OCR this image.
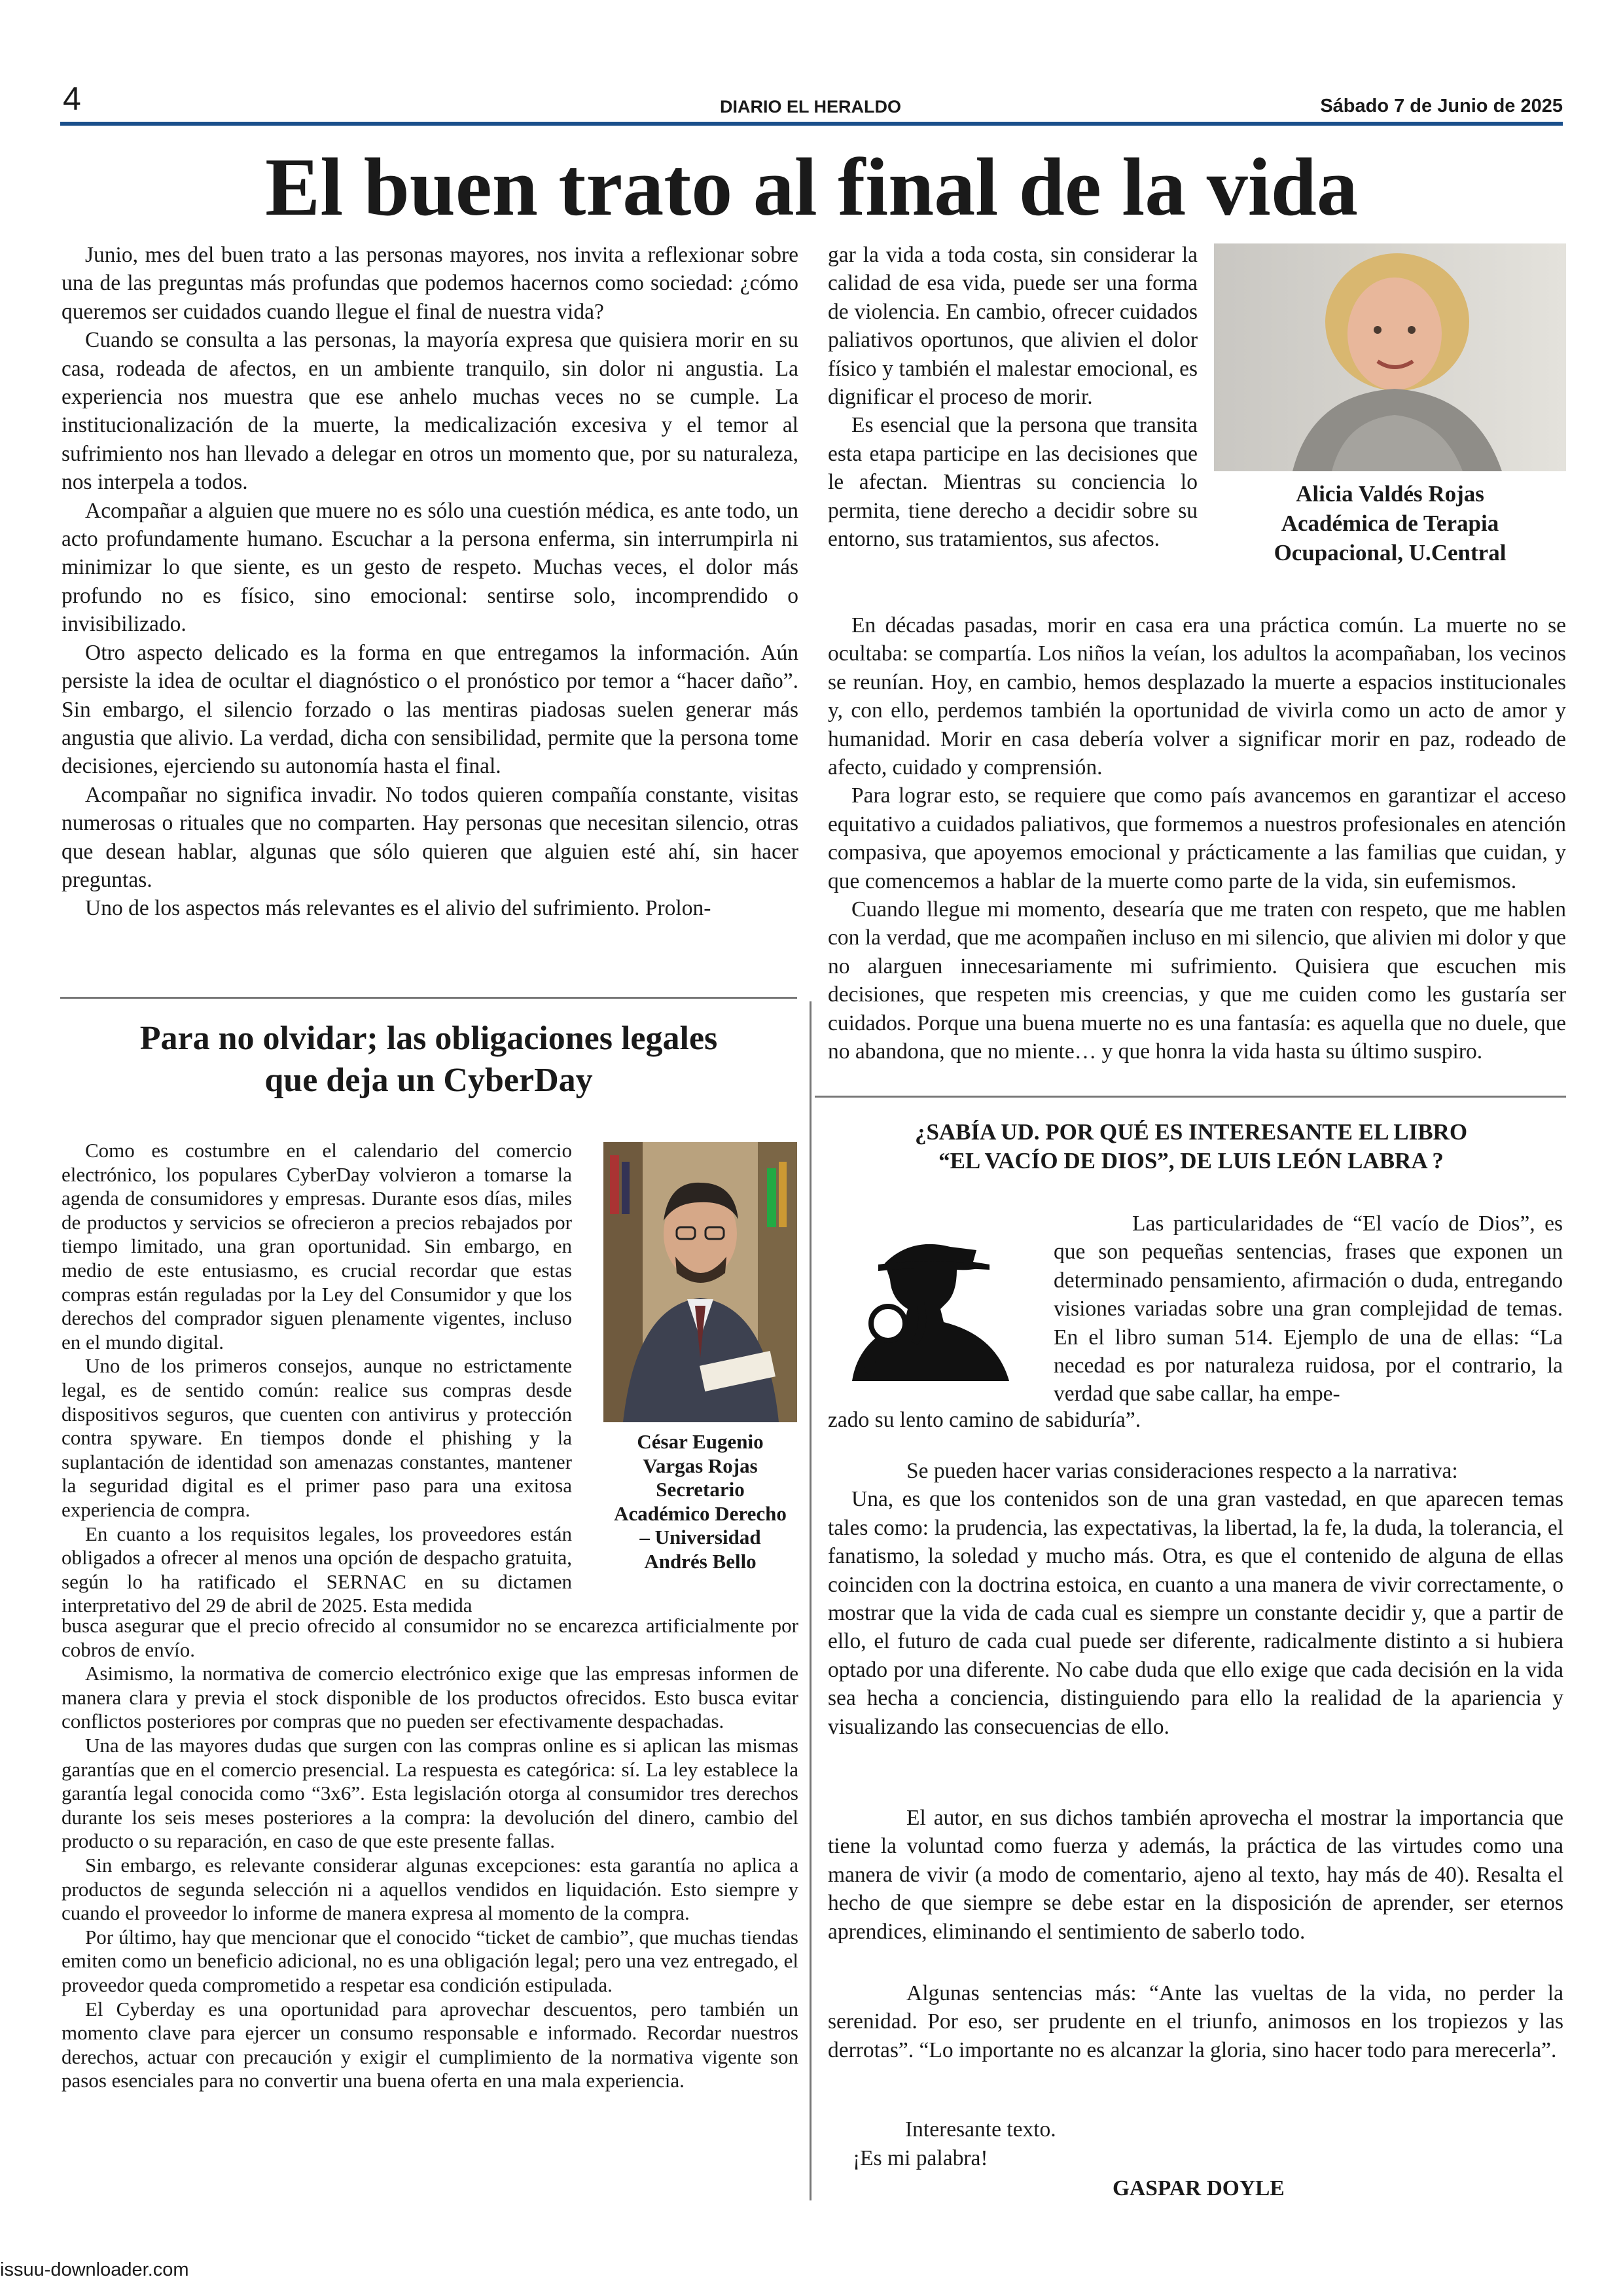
4	DIARIO EL HERALDO	Sábado 7 de Junio de 2025
El buen trato al final de la vida

Junio, mes del buen trato a las personas mayores, nos invita a reflexionar sobre una de las preguntas más profundas que podemos hacernos como sociedad: ¿cómo queremos ser cuidados cuando llegue el final de nuestra vida?

Cuando se consulta a las personas, la mayoría expresa que quisiera morir en su casa, rodeada de afectos, en un ambiente tranquilo, sin dolor ni angustia. La experiencia nos muestra que ese anhelo muchas veces no se cumple. La institucionalización de la muerte, la medicalización excesiva y el temor al sufrimiento nos han llevado a delegar en otros un momento que, por su naturaleza, nos interpela a todos.

Acompañar a alguien que muere no es sólo una cuestión médica, es ante todo, un acto profundamente humano. Escuchar a la persona enferma, sin interrumpirla ni minimizar lo que siente, es un gesto de respeto. Muchas veces, el dolor más profundo no es físico, sino emocional: sentirse solo, incomprendido o invisibilizado.

Otro aspecto delicado es la forma en que entregamos la información. Aún persiste la idea de ocultar el diagnóstico o el pronóstico por temor a “hacer daño”. Sin embargo, el silencio forzado o las mentiras piadosas suelen generar más angustia que alivio. La verdad, dicha con sensibilidad, permite que la persona tome decisiones, ejerciendo su autonomía hasta el final.

Acompañar no significa invadir. No todos quieren compañía constante, visitas numerosas o rituales que no comparten. Hay personas que necesitan silencio, otras que desean hablar, algunas que sólo quieren que alguien esté ahí, sin hacer preguntas.

Uno de los aspectos más relevantes es el alivio del sufrimiento. Prolon-

gar la vida a toda costa, sin considerar la calidad de esa vida, puede ser una forma de violencia. En cambio, ofrecer cuidados paliativos oportunos, que alivien el dolor físico y también el malestar emocional, es dignificar el proceso de morir.

Es esencial que la persona que transita esta etapa participe en las decisiones que le afectan. Mientras su conciencia lo permita, tiene derecho a decidir sobre su entorno, sus tratamientos, sus afectos.

Alicia Valdés Rojas
Académica de Terapia
Ocupacional, U.Central

En décadas pasadas, morir en casa era una práctica común. La muerte no se ocultaba: se compartía. Los niños la veían, los adultos la acompañaban, los vecinos se reunían. Hoy, en cambio, hemos desplazado la muerte a espacios institucionales y, con ello, perdemos también la oportunidad de vivirla como un acto de amor y humanidad. Morir en casa debería volver a significar morir en paz, rodeado de afecto, cuidado y comprensión.

Para lograr esto, se requiere que como país avancemos en garantizar el acceso equitativo a cuidados paliativos, que formemos a nuestros profesionales en atención compasiva, que apoyemos emocional y prácticamente a las familias que cuidan, y que comencemos a hablar de la muerte como parte de la vida, sin eufemismos.

Cuando llegue mi momento, desearía que me traten con respeto, que me hablen con la verdad, que me acompañen incluso en mi silencio, que alivien mi dolor y que no alarguen innecesariamente mi sufrimiento. Quisiera que escuchen mis decisiones, que respeten mis creencias, y que me cuiden como les gustaría ser cuidados. Porque una buena muerte no es una fantasía: es aquella que no duele, que no abandona, que no miente… y que honra la vida hasta su último suspiro.

Para no olvidar; las obligaciones legales
que deja un CyberDay

Como es costumbre en el calendario del comercio electrónico, los populares CyberDay volvieron a tomarse la agenda de consumidores y empresas. Durante esos días, miles de productos y servicios se ofrecieron a precios rebajados por tiempo limitado, una gran oportunidad. Sin embargo, en medio de este entusiasmo, es crucial recordar que estas compras están reguladas por la Ley del Consumidor y que los derechos del comprador siguen plenamente vigentes, incluso en el mundo digital.

Uno de los primeros consejos, aunque no estrictamente legal, es de sentido común: realice sus compras desde dispositivos seguros, que cuenten con antivirus y protección contra spyware. En tiempos donde el phishing y la suplantación de identidad son amenazas constantes, mantener la seguridad digital es el primer paso para una exitosa experiencia de compra.

En cuanto a los requisitos legales, los proveedores están obligados a ofrecer al menos una opción de despacho gratuita, según lo ha ratificado el SERNAC en su dictamen interpretativo del 29 de abril de 2025. Esta medida

César Eugenio
Vargas Rojas
Secretario
Académico Derecho
– Universidad
Andrés Bello

busca asegurar que el precio ofrecido al consumidor no se encarezca artificialmente por cobros de envío.

Asimismo, la normativa de comercio electrónico exige que las empresas informen de manera clara y previa el stock disponible de los productos ofrecidos. Esto busca evitar conflictos posteriores por compras que no pueden ser efectivamente despachadas.

Una de las mayores dudas que surgen con las compras online es si aplican las mismas garantías que en el comercio presencial. La respuesta es categórica: sí. La ley establece la garantía legal conocida como “3x6”. Esta legislación otorga al consumidor tres derechos durante los seis meses posteriores a la compra: la devolución del dinero, cambio del producto o su reparación, en caso de que este presente fallas.

Sin embargo, es relevante considerar algunas excepciones: esta garantía no aplica a productos de segunda selección ni a aquellos vendidos en liquidación. Esto siempre y cuando el proveedor lo informe de manera expresa al momento de la compra.

Por último, hay que mencionar que el conocido “ticket de cambio”, que muchas tiendas emiten como un beneficio adicional, no es una obligación legal; pero una vez entregado, el proveedor queda comprometido a respetar esa condición estipulada.

El Cyberday es una oportunidad para aprovechar descuentos, pero también un momento clave para ejercer un consumo responsable e informado. Recordar nuestros derechos, actuar con precaución y exigir el cumplimiento de la normativa vigente son pasos esenciales para no convertir una buena oferta en una mala experiencia.

¿SABÍA UD. POR QUÉ ES INTERESANTE EL LIBRO
“EL VACÍO DE DIOS”, DE LUIS LEÓN LABRA ?

Las particularidades de “El vacío de Dios”, es que son pequeñas sentencias, frases que exponen un determinado pensamiento, afirmación o duda, entregando visiones variadas sobre una gran complejidad de temas. En el libro suman 514. Ejemplo de una de ellas: “La necedad es por naturaleza ruidosa, por el contrario, la verdad que sabe callar, ha empe-

zado su lento camino de sabiduría”.

Se pueden hacer varias consideraciones respecto a la narrativa:

Una, es que los contenidos son de una gran vastedad, en que aparecen temas tales como: la prudencia, las expectativas, la libertad, la fe, la duda, la tolerancia, el fanatismo, la soledad y mucho más. Otra, es que el contenido de alguna de ellas coinciden con la doctrina estoica, en cuanto a una manera de vivir correctamente, o mostrar que la vida de cada cual es siempre un constante decidir y, que a partir de ello, el futuro de cada cual puede ser diferente, radicalmente distinto a si hubiera optado por una diferente. No cabe duda que ello exige que cada decisión en la vida sea hecha a conciencia, distinguiendo para ello la realidad de la apariencia y visualizando las consecuencias de ello.

El autor, en sus dichos también aprovecha el mostrar la importancia que tiene la voluntad como fuerza y además, la práctica de las virtudes como una manera de vivir (a modo de comentario, ajeno al texto, hay más de 40). Resalta el hecho de que siempre se debe estar en la disposición de aprender, ser eternos aprendices, eliminando el sentimiento de saberlo todo.

Algunas sentencias más: “Ante las vueltas de la vida, no perder la serenidad. Por eso, ser prudente en el triunfo, animosos en los tropiezos y las derrotas”. “Lo importante no es alcanzar la gloria, sino hacer todo para merecerla”.

Interesante texto.
¡Es mi palabra!
GASPAR DOYLE
issuu-downloader.com
